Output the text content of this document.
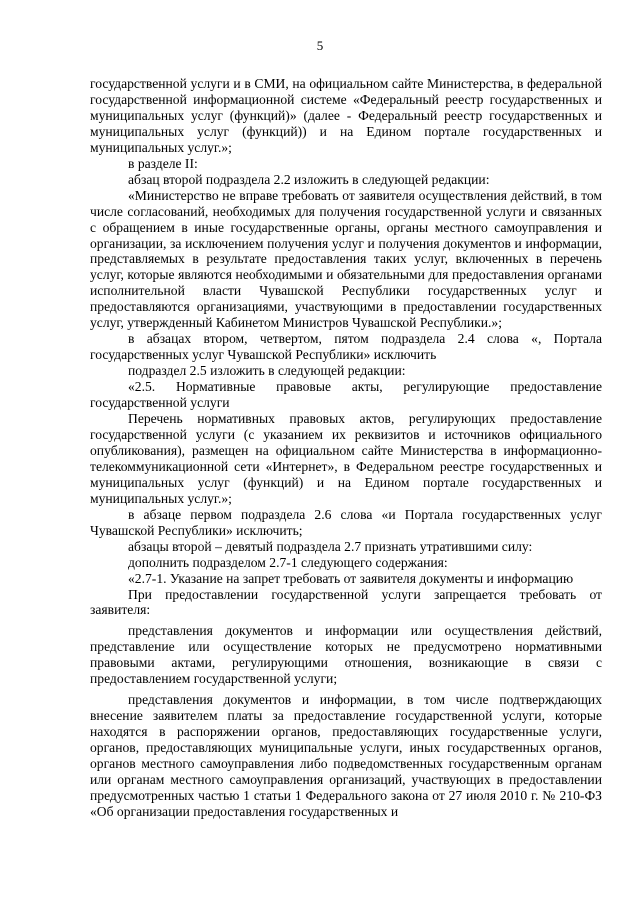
5

государственной услуги и в СМИ, на официальном сайте Министерства, в федеральной государственной информационной системе «Федеральный реестр государственных и муниципальных услуг (функций)» (далее - Федеральный реестр государственных и муниципальных услуг (функций)) и на Едином портале государственных и муниципальных услуг.»;

в разделе II:

абзац второй подраздела 2.2 изложить в следующей редакции:

«Министерство не вправе требовать от заявителя осуществления действий, в том числе согласований, необходимых для получения государственной услуги и связанных с обращением в иные государственные органы, органы местного самоуправления и организации, за исключением получения услуг и получения документов и информации, представляемых в результате предоставления таких услуг, включенных в перечень услуг, которые являются необходимыми и обязательными для предоставления органами исполнительной власти Чувашской Республики государственных услуг и предоставляются организациями, участвующими в предоставлении государственных услуг, утвержденный Кабинетом Министров Чувашской Республики.»;

в абзацах втором, четвертом, пятом подраздела 2.4 слова «, Портала государственных услуг Чувашской Республики» исключить

подраздел 2.5 изложить в следующей редакции:

«2.5. Нормативные правовые акты, регулирующие предоставление государственной услуги

Перечень нормативных правовых актов, регулирующих предоставление государственной услуги (с указанием их реквизитов и источников официального опубликования), размещен на официальном сайте Министерства в информационно-телекоммуникационной сети «Интернет», в Федеральном реестре государственных и муниципальных услуг (функций) и на Едином портале государственных и муниципальных услуг.»;

в абзаце первом подраздела 2.6 слова «и Портала государственных услуг Чувашской Республики» исключить;

абзацы второй – девятый подраздела 2.7 признать утратившими силу:

дополнить подразделом 2.7-1 следующего содержания:

«2.7-1. Указание на запрет требовать от заявителя документы и информацию

При предоставлении государственной услуги запрещается требовать от заявителя:

представления документов и информации или осуществления действий, представление или осуществление которых не предусмотрено нормативными правовыми актами, регулирующими отношения, возникающие в связи с предоставлением государственной услуги;

представления документов и информации, в том числе подтверждающих внесение заявителем платы за предоставление государственной услуги, которые находятся в распоряжении органов, предоставляющих государственные услуги, органов, предоставляющих муниципальные услуги, иных государственных органов, органов местного самоуправления либо подведомственных государственным органам или органам местного самоуправления организаций, участвующих в предоставлении предусмотренных частью 1 статьи 1 Федерального закона от 27 июля 2010 г. № 210-ФЗ «Об организации предоставления государственных и
